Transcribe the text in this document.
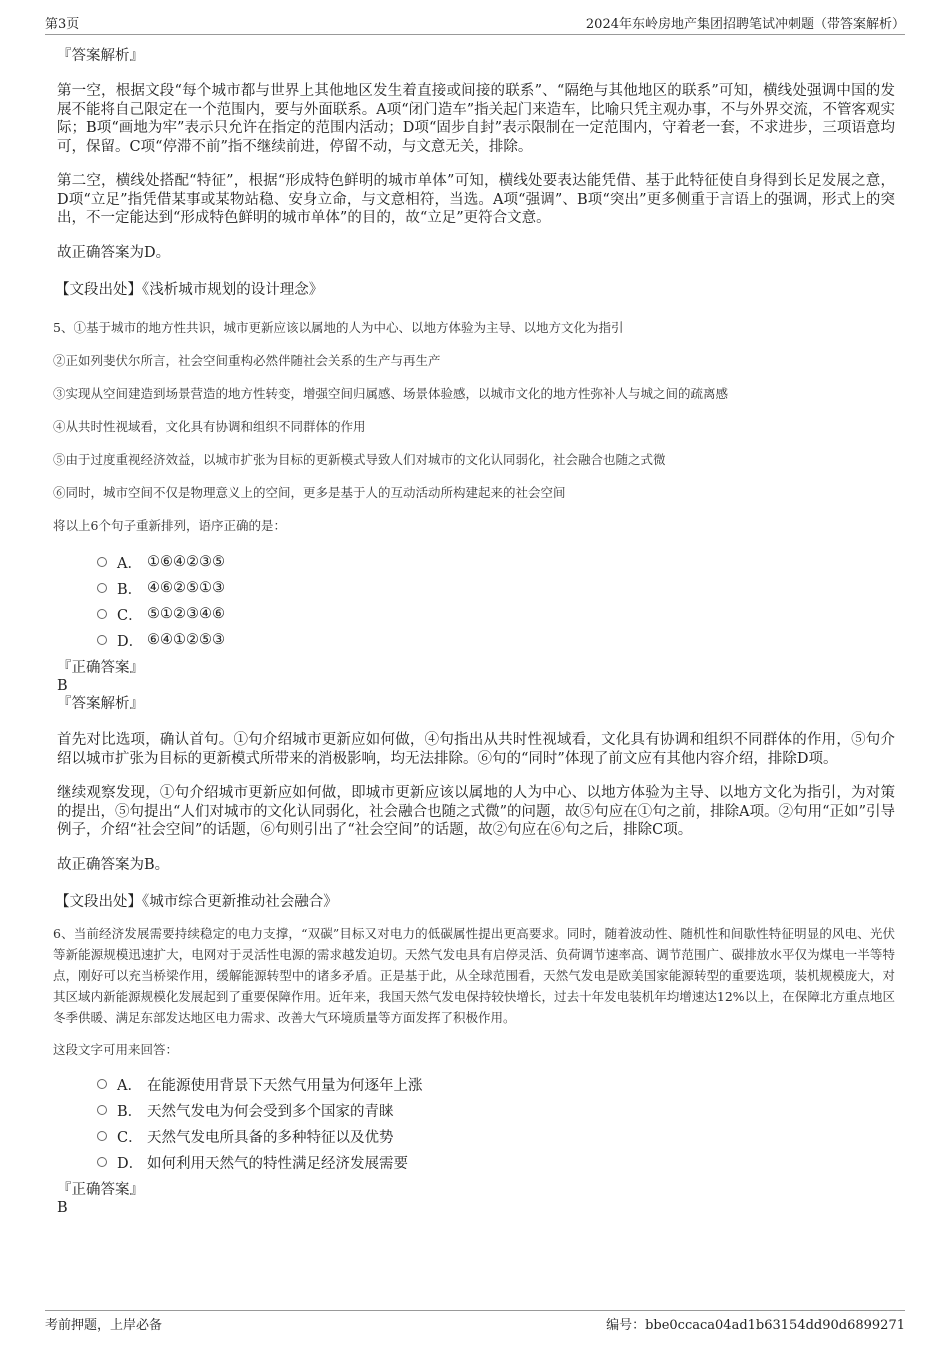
第3页	2024年东岭房地产集团招聘笔试冲刺题（带答案解析）

『答案解析』

第一空，根据文段“每个城市都与世界上其他地区发生着直接或间接的联系”、“隔绝与其他地区的联系”可知，横线处强调中国的发展不能将自己限定在一个范围内，要与外面联系。A项“闭门造车”指关起门来造车，比喻只凭主观办事，不与外界交流，不管客观实际；B项“画地为牢”表示只允许在指定的范围内活动；D项“固步自封”表示限制在一定范围内，守着老一套，不求进步，三项语意均可，保留。C项“停滞不前”指不继续前进，停留不动，与文意无关，排除。

第二空，横线处搭配“特征”，根据“形成特色鲜明的城市单体”可知，横线处要表达能凭借、基于此特征使自身得到长足发展之意，D项“立足”指凭借某事或某物站稳、安身立命，与文意相符，当选。A项“强调”、B项“突出”更多侧重于言语上的强调，形式上的突出，不一定能达到“形成特色鲜明的城市单体”的目的，故“立足”更符合文意。

故正确答案为D。

【文段出处】《浅析城市规划的设计理念》

5、①基于城市的地方性共识，城市更新应该以属地的人为中心、以地方体验为主导、以地方文化为指引

②正如列斐伏尔所言，社会空间重构必然伴随社会关系的生产与再生产

③实现从空间建造到场景营造的地方性转变，增强空间归属感、场景体验感，以城市文化的地方性弥补人与城之间的疏离感

④从共时性视域看，文化具有协调和组织不同群体的作用

⑤由于过度重视经济效益，以城市扩张为目标的更新模式导致人们对城市的文化认同弱化，社会融合也随之式微

⑥同时，城市空间不仅是物理意义上的空间，更多是基于人的互动活动所构建起来的社会空间

将以上6个句子重新排列，语序正确的是：

A． ①⑥④②③⑤
B． ④⑥②⑤①③
C． ⑤①②③④⑥
D． ⑥④①②⑤③

『正确答案』

B

『答案解析』

首先对比选项，确认首句。①句介绍城市更新应如何做，④句指出从共时性视域看，文化具有协调和组织不同群体的作用，⑤句介绍以城市扩张为目标的更新模式所带来的消极影响，均无法排除。⑥句的“同时”体现了前文应有其他内容介绍，排除D项。

继续观察发现，①句介绍城市更新应如何做，即城市更新应该以属地的人为中心、以地方体验为主导、以地方文化为指引，为对策的提出，⑤句提出“人们对城市的文化认同弱化，社会融合也随之式微”的问题，故⑤句应在①句之前，排除A项。②句用“正如”引导例子，介绍“社会空间”的话题，⑥句则引出了“社会空间”的话题，故②句应在⑥句之后，排除C项。

故正确答案为B。

【文段出处】《城市综合更新推动社会融合》

6、当前经济发展需要持续稳定的电力支撑，“双碳”目标又对电力的低碳属性提出更高要求。同时，随着波动性、随机性和间歇性特征明显的风电、光伏等新能源规模迅速扩大，电网对于灵活性电源的需求越发迫切。天然气发电具有启停灵活、负荷调节速率高、调节范围广、碳排放水平仅为煤电一半等特点，刚好可以充当桥梁作用，缓解能源转型中的诸多矛盾。正是基于此，从全球范围看，天然气发电是欧美国家能源转型的重要选项，装机规模庞大，对其区域内新能源规模化发展起到了重要保障作用。近年来，我国天然气发电保持较快增长，过去十年发电装机年均增速达12%以上，在保障北方重点地区冬季供暖、满足东部发达地区电力需求、改善大气环境质量等方面发挥了积极作用。

这段文字可用来回答：

A． 在能源使用背景下天然气用量为何逐年上涨
B． 天然气发电为何会受到多个国家的青睐
C． 天然气发电所具备的多种特征以及优势
D． 如何利用天然气的特性满足经济发展需要

『正确答案』

B

考前押题，上岸必备	编号：bbe0ccaca04ad1b63154dd90d6899271
